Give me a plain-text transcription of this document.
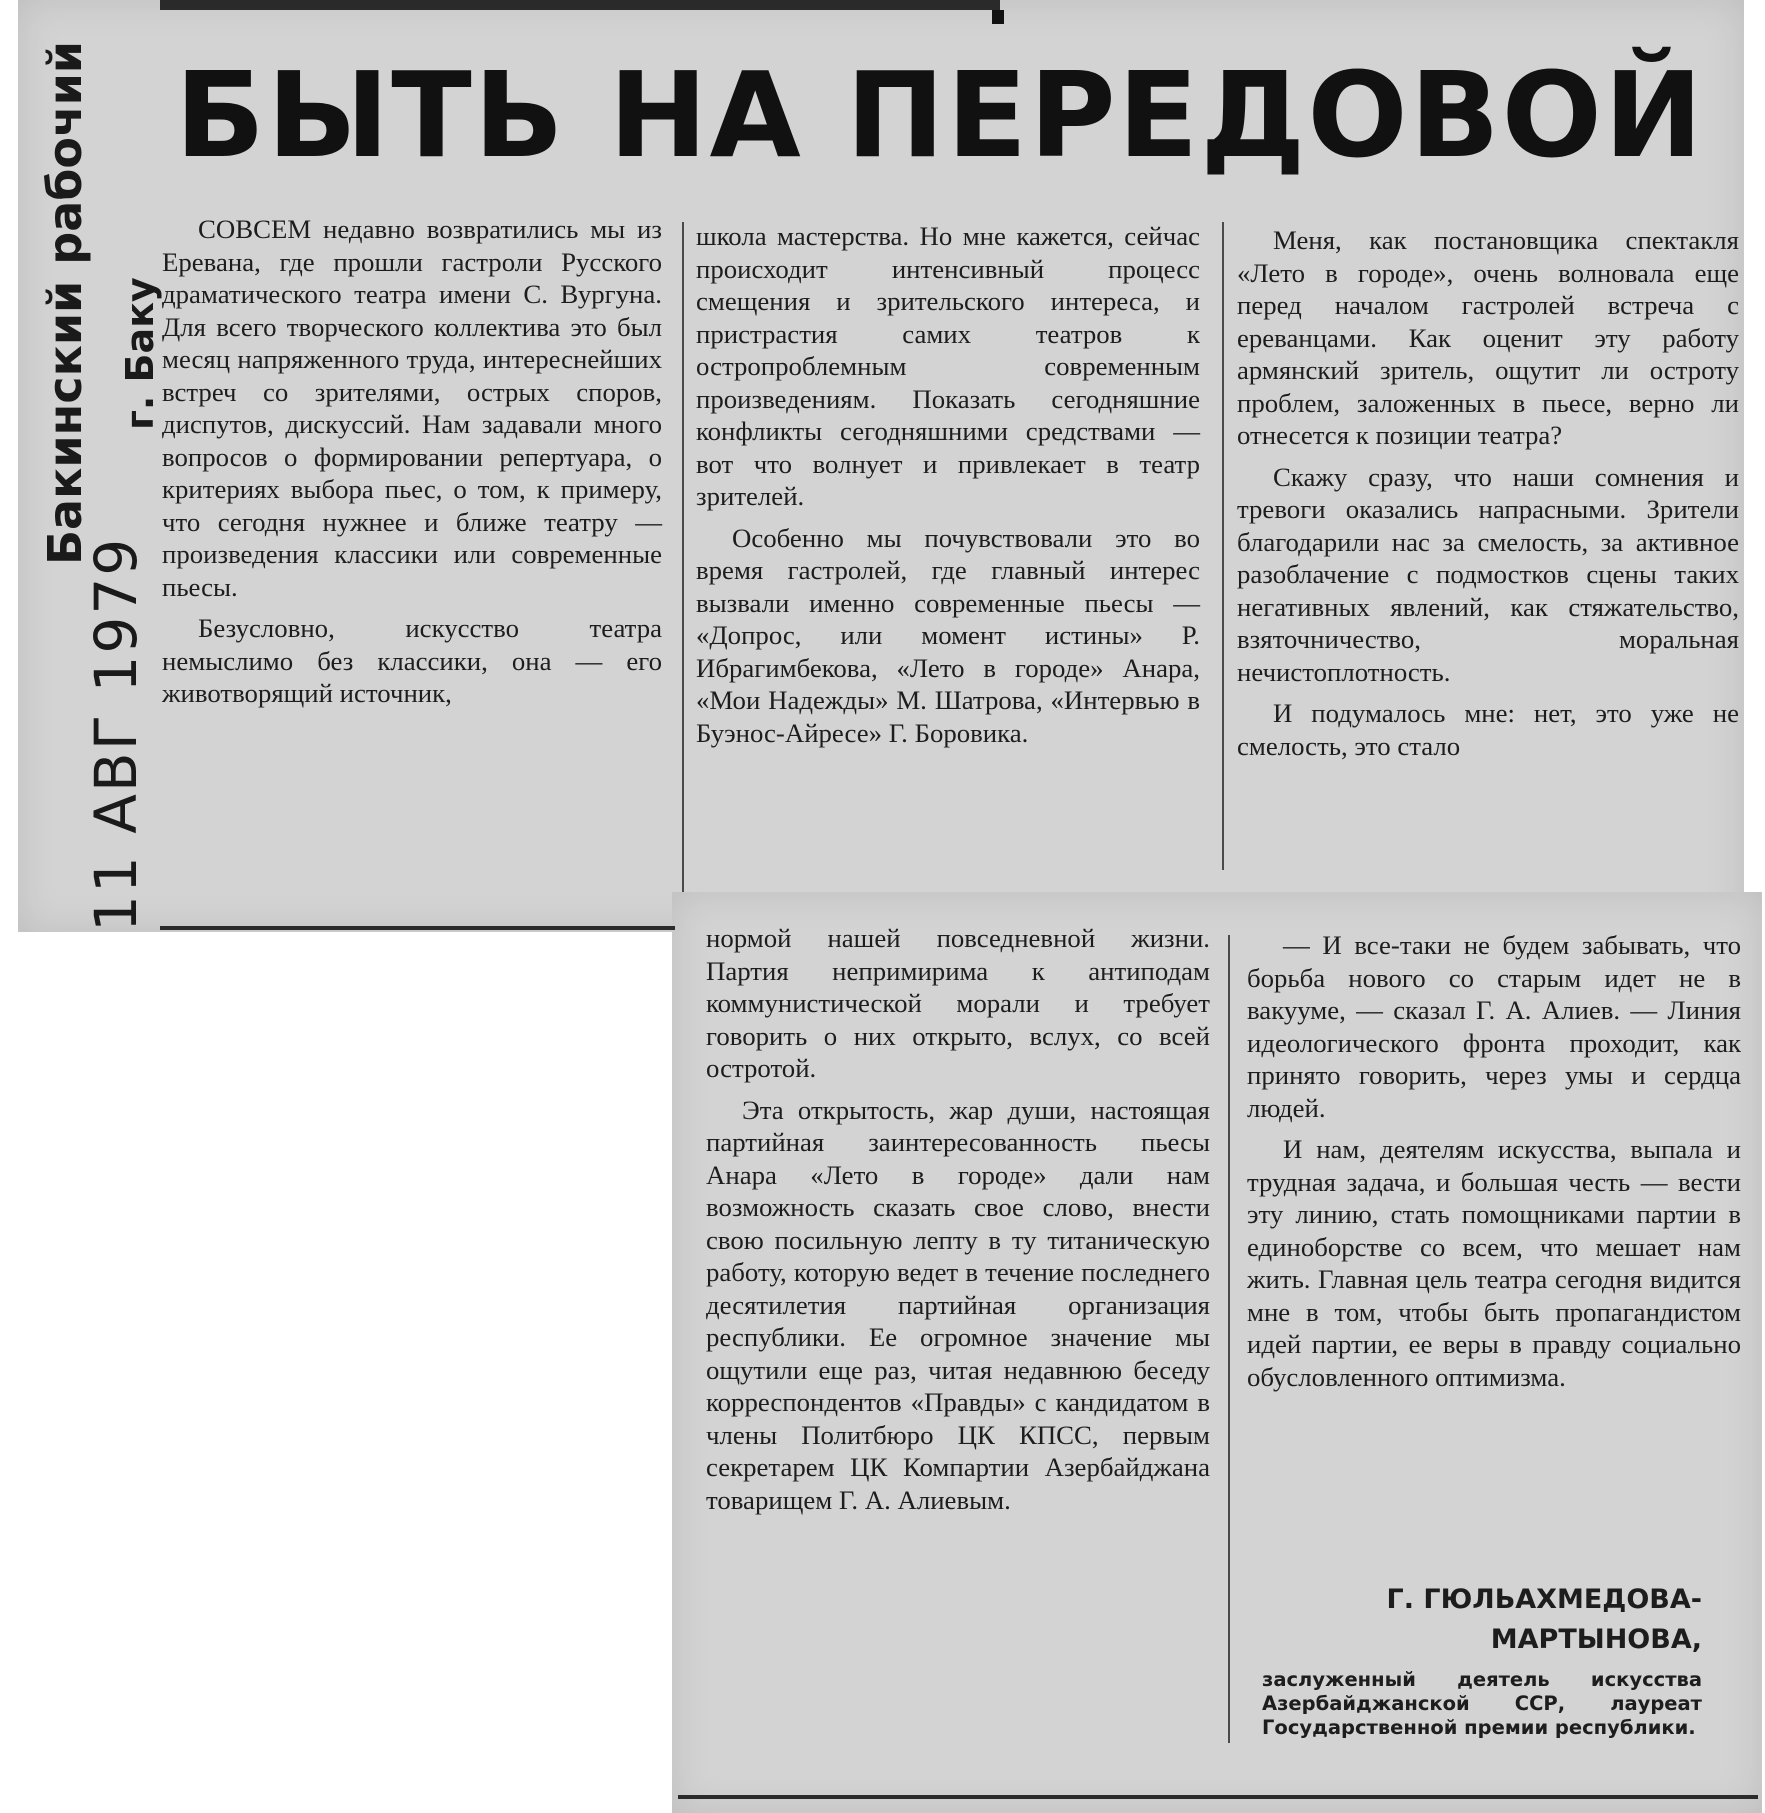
БЫТЬ НА ПЕРЕДОВОЙ
Бакинский рабочий г. Баку
11 АВГ 1979

СОВСЕМ недавно возвратились мы из Еревана, где прошли гастроли Русского драматического театра имени С. Вургуна. Для всего творческого коллектива это был месяц напряженного труда, интереснейших встреч со зрителями, острых споров, диспутов, дискуссий. Нам задавали много вопросов о формировании репертуара, о критериях выбора пьес, о том, к примеру, что сегодня нужнее и ближе театру — произведения классики или современные пьесы.

Безусловно, искусство театра немыслимо без классики, она — его животворящий источник,

школа мастерства. Но мне кажется, сейчас происходит интенсивный процесс смещения и зрительского интереса, и пристрастия самих театров к остропроблемным современным произведениям. Показать сегодняшние конфликты сегодняшними средствами — вот что волнует и привлекает в театр зрителей.

Особенно мы почувствовали это во время гастролей, где главный интерес вызвали именно современные пьесы — «Допрос, или момент истины» Р. Ибрагимбекова, «Лето в городе» Анара, «Мои Надежды» М. Шатрова, «Интервью в Буэнос-Айресе» Г. Боровика.

Меня, как постановщика спектакля «Лето в городе», очень волновала еще перед началом гастролей встреча с ереванцами. Как оценит эту работу армянский зритель, ощутит ли остроту проблем, заложенных в пьесе, верно ли отнесется к позиции театра?

Скажу сразу, что наши сомнения и тревоги оказались напрасными. Зрители благодарили нас за смелость, за активное разоблачение с подмостков сцены таких негативных явлений, как стяжательство, взяточничество, моральная нечистоплотность.

И подумалось мне: нет, это уже не смелость, это стало

нормой нашей повседневной жизни. Партия непримирима к антиподам коммунистической морали и требует говорить о них открыто, вслух, со всей остротой.

Эта открытость, жар души, настоящая партийная заинтересованность пьесы Анара «Лето в городе» дали нам возможность сказать свое слово, внести свою посильную лепту в ту титаническую работу, которую ведет в течение последнего десятилетия партийная организация республики. Ее огромное значение мы ощутили еще раз, читая недавнюю беседу корреспондентов «Правды» с кандидатом в члены Политбюро ЦК КПСС, первым секретарем ЦК Компартии Азербайджана товарищем Г. А. Алиевым.

— И все-таки не будем забывать, что борьба нового со старым идет не в вакууме, — сказал Г. А. Алиев. — Линия идеологического фронта проходит, как принято говорить, через умы и сердца людей.

И нам, деятелям искусства, выпала и трудная задача, и большая честь — вести эту линию, стать помощниками партии в единоборстве со всем, что мешает нам жить. Главная цель театра сегодня видится мне в том, чтобы быть пропагандистом идей партии, ее веры в правду социально обусловленного оптимизма.

Г. ГЮЛЬАХМЕДОВА-МАРТЫНОВА,
заслуженный деятель искусства Азербайджанской ССР, лауреат Государственной премии республики.
